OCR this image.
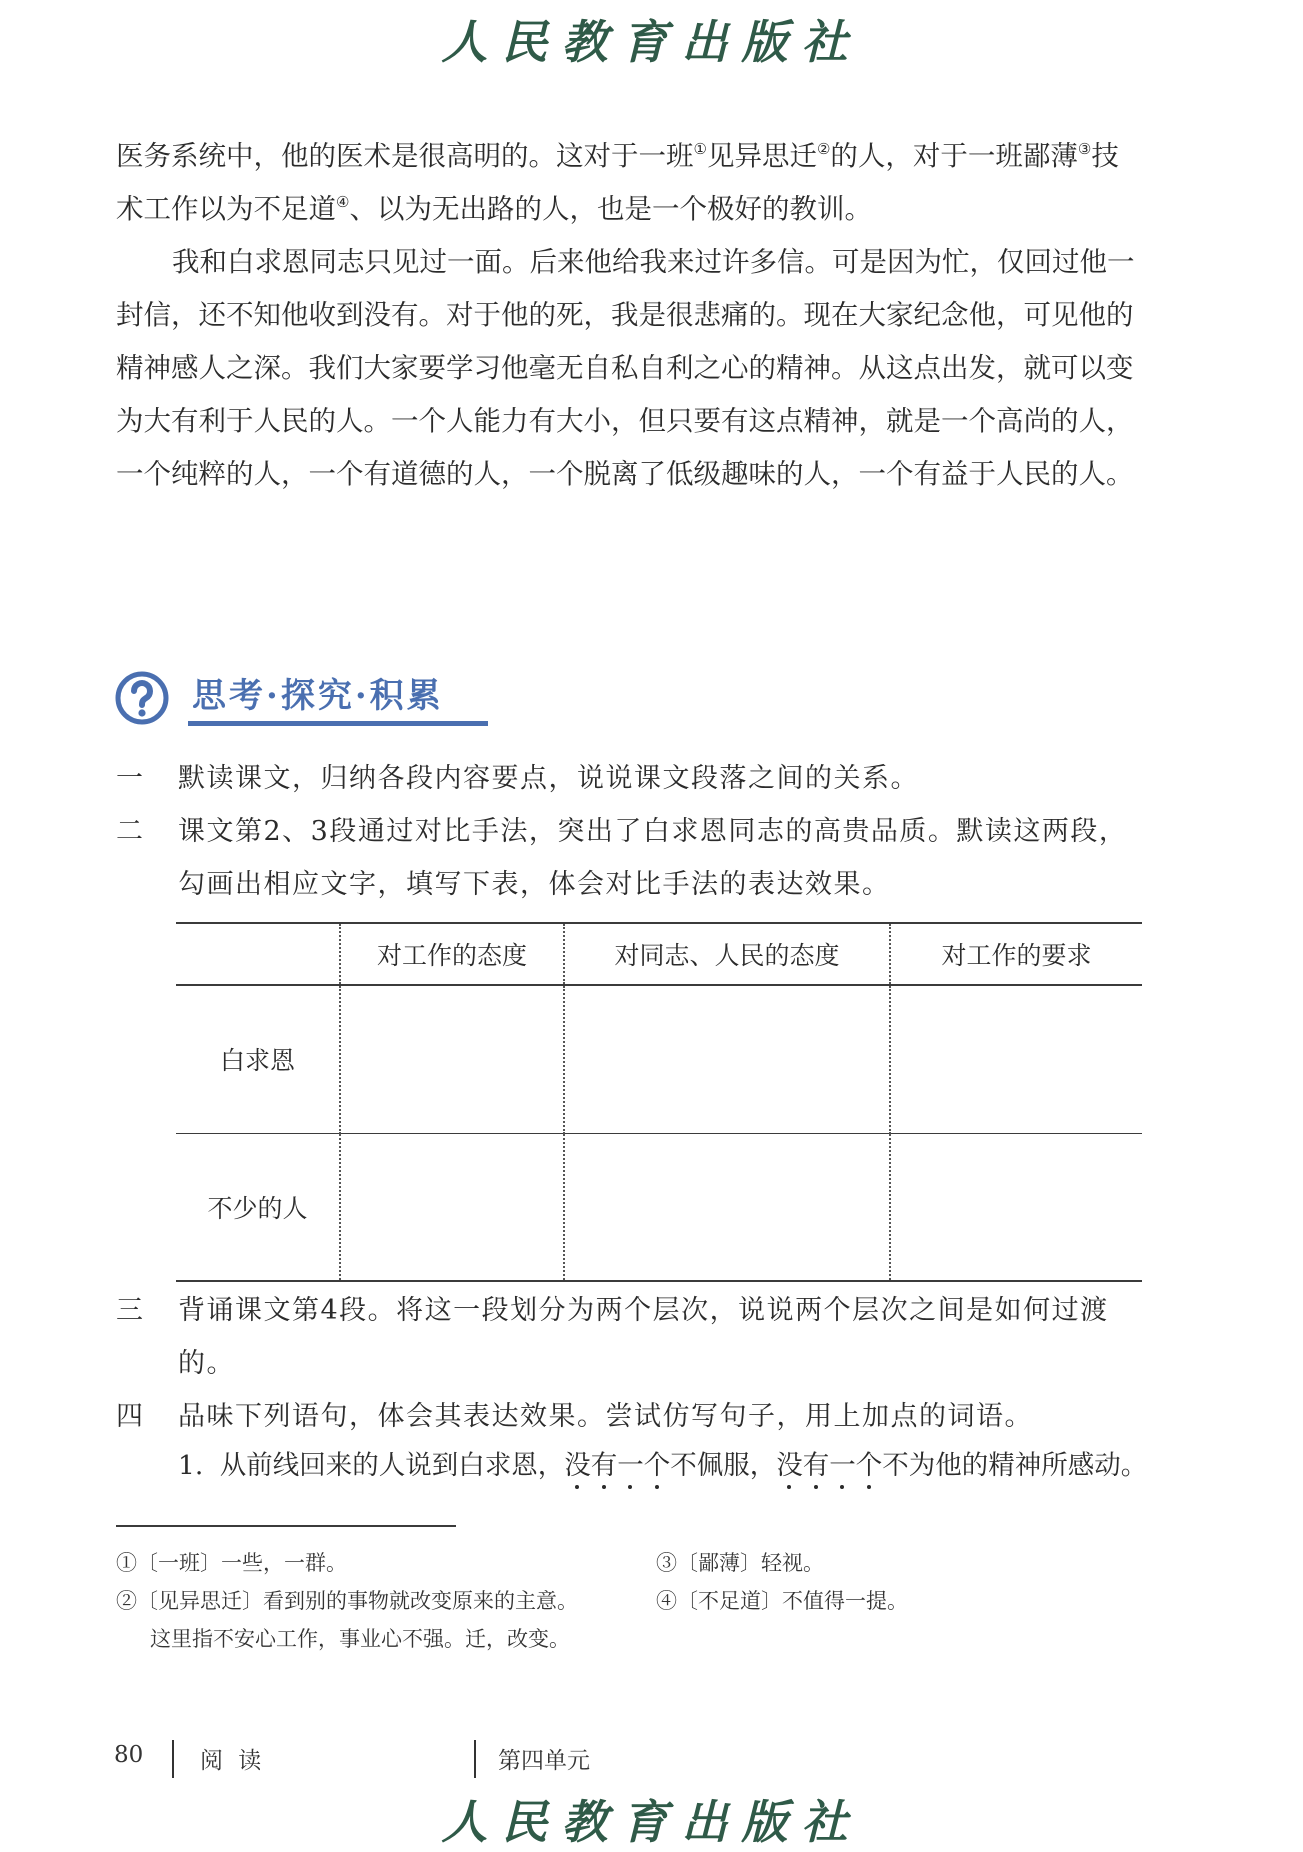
人民教育出版社

医务系统中，他的医术是很高明的。这对于一班①见异思迁②的人，对于一班鄙薄③技术工作以为不足道④、以为无出路的人，也是一个极好的教训。

我和白求恩同志只见过一面。后来他给我来过许多信。可是因为忙，仅回过他一封信，还不知他收到没有。对于他的死，我是很悲痛的。现在大家纪念他，可见他的精神感人之深。我们大家要学习他毫无自私自利之心的精神。从这点出发，就可以变为大有利于人民的人。一个人能力有大小，但只要有这点精神，就是一个高尚的人，一个纯粹的人，一个有道德的人，一个脱离了低级趣味的人，一个有益于人民的人。

思考·探究·积累
一	默读课文，归纳各段内容要点，说说课文段落之间的关系。
二	课文第2、3段通过对比手法，突出了白求恩同志的高贵品质。默读这两段，勾画出相应文字，填写下表，体会对比手法的表达效果。
	对工作的态度	对同志、人民的态度	对工作的要求
白求恩			
不少的人			
三	背诵课文第4段。将这一段划分为两个层次，说说两个层次之间是如何过渡的。
四	品味下列语句，体会其表达效果。尝试仿写句子，用上加点的词语。
1. 从前线回来的人说到白求恩，没有一个不佩服，没有一个不为他的精神所感动。
①〔一班〕一些，一群。
②〔见异思迁〕看到别的事物就改变原来的主意。
这里指不安心工作，事业心不强。迁，改变。
③〔鄙薄〕轻视。
④〔不足道〕不值得一提。
80 阅 读	第四单元
人民教育出版社
